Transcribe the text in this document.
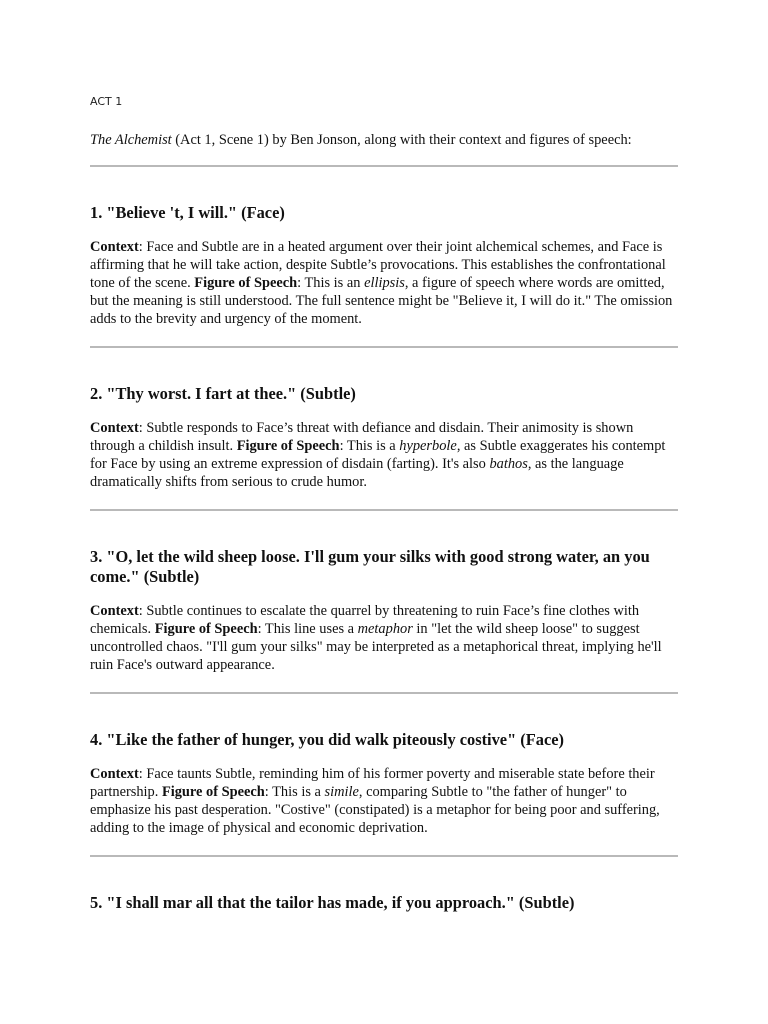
ACT 1

The Alchemist (Act 1, Scene 1) by Ben Jonson, along with their context and figures of speech:

1. "Believe 't, I will." (Face)

Context: Face and Subtle are in a heated argument over their joint alchemical schemes, and Face is affirming that he will take action, despite Subtle’s provocations. This establishes the confrontational tone of the scene. Figure of Speech: This is an ellipsis, a figure of speech where words are omitted, but the meaning is still understood. The full sentence might be "Believe it, I will do it." The omission adds to the brevity and urgency of the moment.

2. "Thy worst. I fart at thee." (Subtle)

Context: Subtle responds to Face’s threat with defiance and disdain. Their animosity is shown through a childish insult. Figure of Speech: This is a hyperbole, as Subtle exaggerates his contempt for Face by using an extreme expression of disdain (farting). It's also bathos, as the language dramatically shifts from serious to crude humor.

3. "O, let the wild sheep loose. I'll gum your silks with good strong water, an you come." (Subtle)

Context: Subtle continues to escalate the quarrel by threatening to ruin Face’s fine clothes with chemicals. Figure of Speech: This line uses a metaphor in "let the wild sheep loose" to suggest uncontrolled chaos. "I'll gum your silks" may be interpreted as a metaphorical threat, implying he'll ruin Face's outward appearance.

4. "Like the father of hunger, you did walk piteously costive" (Face)

Context: Face taunts Subtle, reminding him of his former poverty and miserable state before their partnership. Figure of Speech: This is a simile, comparing Subtle to "the father of hunger" to emphasize his past desperation. "Costive" (constipated) is a metaphor for being poor and suffering, adding to the image of physical and economic deprivation.

5. "I shall mar all that the tailor has made, if you approach." (Subtle)
